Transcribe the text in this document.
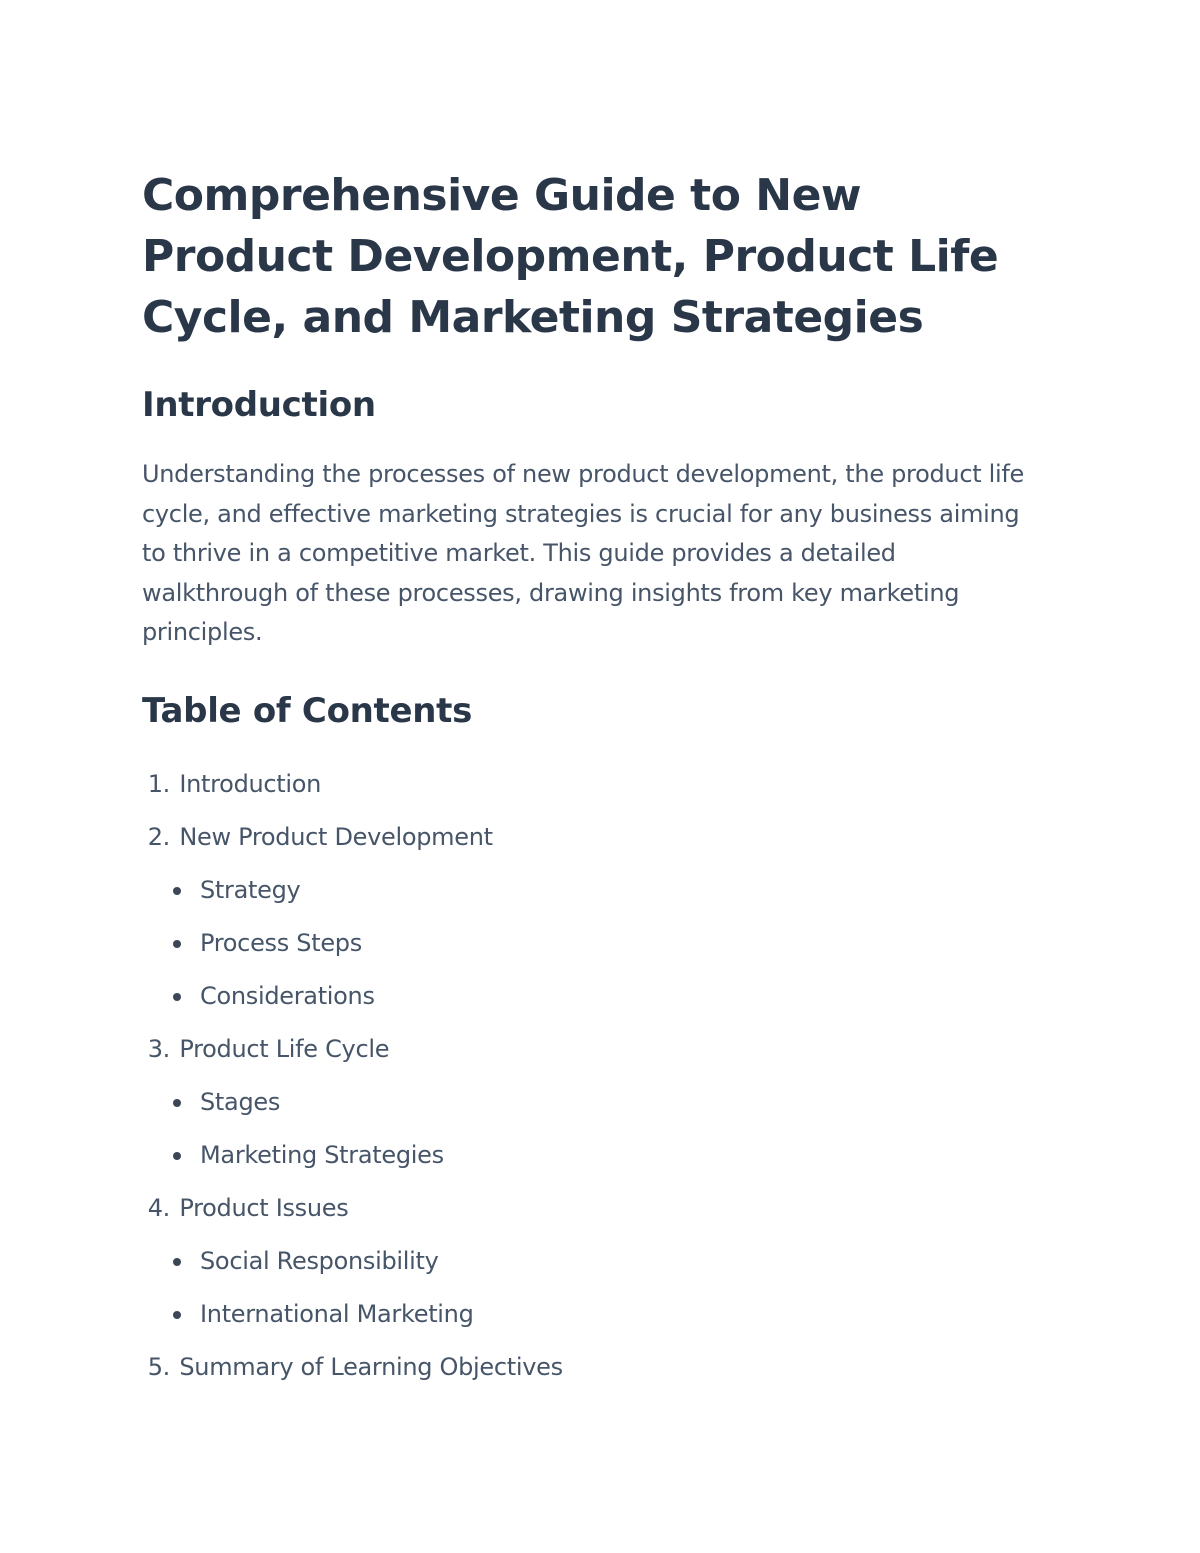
Comprehensive Guide to New Product Development, Product Life Cycle, and Marketing Strategies
Introduction

Understanding the processes of new product development, the product life cycle, and effective marketing strategies is crucial for any business aiming to thrive in a competitive market. This guide provides a detailed walkthrough of these processes, drawing insights from key marketing principles.

Table of Contents
1. Introduction
2. New Product Development
Strategy
Process Steps
Considerations
3. Product Life Cycle
Stages
Marketing Strategies
4. Product Issues
Social Responsibility
International Marketing
5. Summary of Learning Objectives
